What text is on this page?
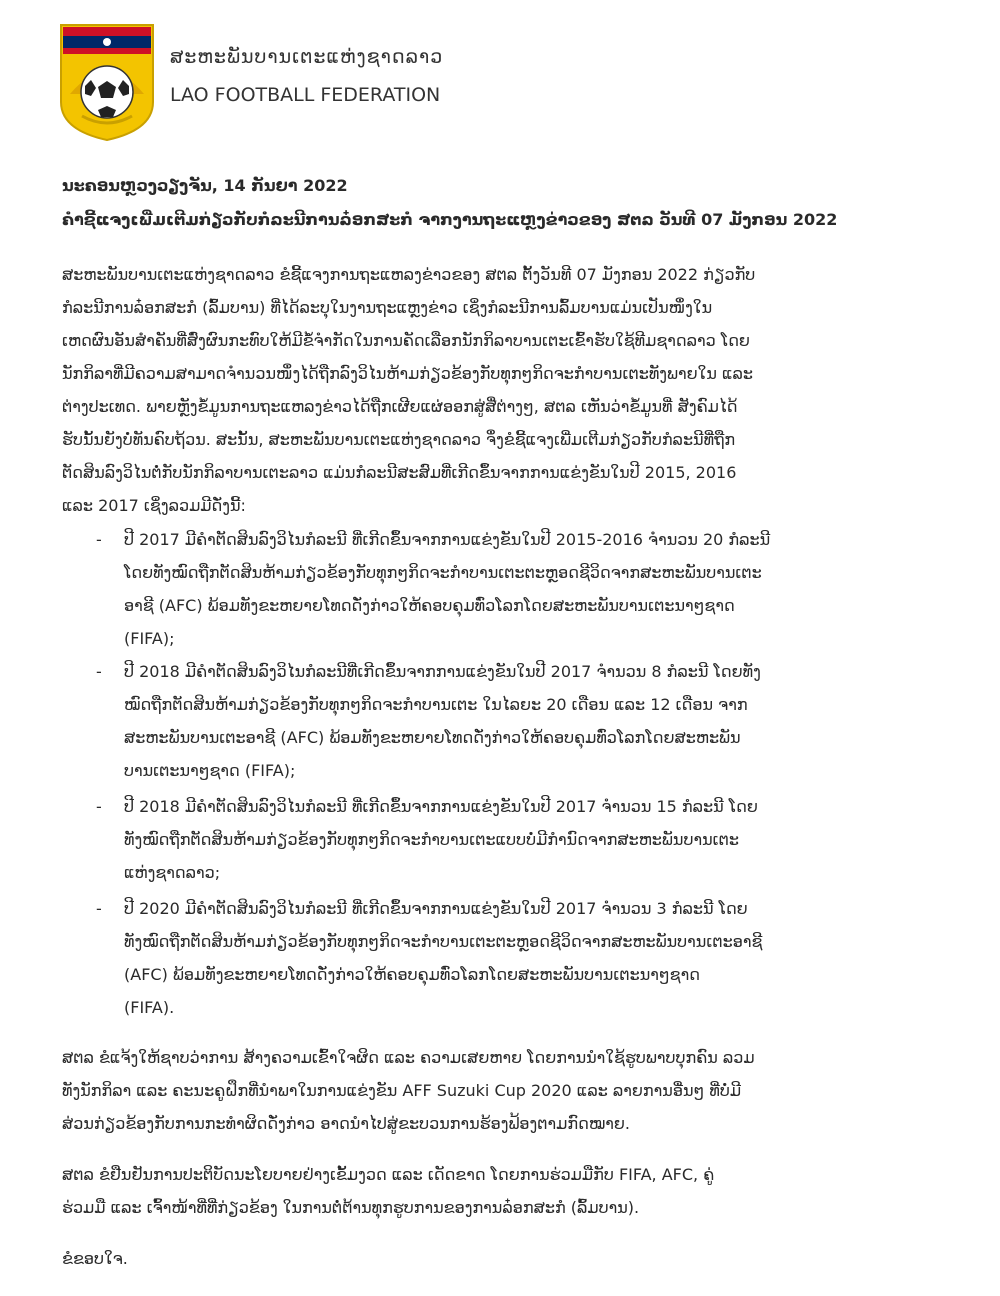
ສະຫະພັນບານເຕະແຫ່ງຊາດລາວ
LAO FOOTBALL FEDERATION
ນະຄອນຫຼວງວຽງຈັນ, 14 ກັນຍາ 2022
ຄຳຊີ້ແຈງເພີ່ມເຕີມກ່ຽວກັບກໍລະນີການລ໋ອກສະກໍ ຈາກງານຖະແຫຼງຂ່າວຂອງ ສຕລ ວັນທີ 07 ມັງກອນ 2022
ສະຫະພັນບານເຕະແຫ່ງຊາດລາວ ຂໍຊີ້ແຈງການຖະແຫລງຂ່າວຂອງ ສຕລ ຕັ້ງວັນທີ 07 ມັງກອນ 2022 ກ່ຽວກັບ
ກໍລະນີການລ໋ອກສະກໍ (ລົ້ມບານ) ທີ່ໄດ້ລະບຸໃນງານຖະແຫຼງຂ່າວ ເຊິ່ງກໍລະນີການລົ້ມບານແມ່ນເປັນໜຶ່ງໃນ
ເຫດຜົນອັນສຳຄັນທີ່ສົ່ງຜົນກະທົບໃຫ້ມີຂໍ້ຈຳກັດໃນການຄັດເລືອກນັກກິລາບານເຕະເຂົ້າຮັບໃຊ້ທີມຊາດລາວ ໂດຍ
ນັກກິລາທີ່ມີຄວາມສາມາດຈຳນວນໜຶ່ງໄດ້ຖືກລົງວິໄນຫ້າມກ່ຽວຂ້ອງກັບທຸກໆກິດຈະກຳບານເຕະທັງພາຍໃນ ແລະ
ຕ່າງປະເທດ. ພາຍຫຼັງຂໍ້ມູນການຖະແຫລງຂ່າວໄດ້ຖືກເຜີຍແຜ່ອອກສູ່ສື່ຕ່າງໆ, ສຕລ ເຫັນວ່າຂໍ້ມູນທີ່ ສັງຄົມໄດ້
ຮັບນັ້ນຍັງບໍ່ທັນຄົບຖ້ວນ. ສະນັ້ນ, ສະຫະພັນບານເຕະແຫ່ງຊາດລາວ ຈຶ່ງຂໍຊີ້ແຈງເພີ່ມເຕີມກ່ຽວກັບກໍລະນີທີ່ຖືກ
ຕັດສິນລົງວິໄນຕໍ່ກັບນັກກິລາບານເຕະລາວ ແມ່ນກໍລະນີສະສົມທີ່ເກີດຂຶ້ນຈາກການແຂ່ງຂັນໃນປີ 2015, 2016
ແລະ 2017 ເຊິ່ງລວມມີດັ່ງນີ້:
- ປີ 2017 ມີຄຳຕັດສິນລົງວິໄນກໍລະນີ ທີ່ເກີດຂຶ້ນຈາກການແຂ່ງຂັນໃນປີ 2015-2016 ຈຳນວນ 20 ກໍລະນີ
ໂດຍທັງໝົດຖືກຕັດສິນຫ້າມກ່ຽວຂ້ອງກັບທຸກໆກິດຈະກຳບານເຕະຕະຫຼອດຊີວິດຈາກສະຫະພັນບານເຕະ
ອາຊີ (AFC) ພ້ອມທັງຂະຫຍາຍໂທດດັ່ງກ່າວໃຫ້ຄອບຄຸມທົ່ວໂລກໂດຍສະຫະພັນບານເຕະນາໆຊາດ
(FIFA);
- ປີ 2018 ມີຄຳຕັດສິນລົງວິໄນກໍລະນີທີ່ເກີດຂຶ້ນຈາກການແຂ່ງຂັນໃນປີ 2017 ຈຳນວນ 8 ກໍລະນີ ໂດຍທັງ
ໝົດຖືກຕັດສິນຫ້າມກ່ຽວຂ້ອງກັບທຸກໆກິດຈະກຳບານເຕະ ໃນໄລຍະ 20 ເດືອນ ແລະ 12 ເດືອນ ຈາກ
ສະຫະພັນບານເຕະອາຊີ (AFC) ພ້ອມທັງຂະຫຍາຍໂທດດັ່ງກ່າວໃຫ້ຄອບຄຸມທົ່ວໂລກໂດຍສະຫະພັນ
ບານເຕະນາໆຊາດ (FIFA);
- ປີ 2018 ມີຄຳຕັດສິນລົງວິໄນກໍລະນີ ທີ່ເກີດຂຶ້ນຈາກການແຂ່ງຂັນໃນປີ 2017 ຈຳນວນ 15 ກໍລະນີ ໂດຍ
ທັງໝົດຖືກຕັດສິນຫ້າມກ່ຽວຂ້ອງກັບທຸກໆກິດຈະກຳບານເຕະແບບບໍ່ມີກຳນົດຈາກສະຫະພັນບານເຕະ
ແຫ່ງຊາດລາວ;
- ປີ 2020 ມີຄຳຕັດສິນລົງວິໄນກໍລະນີ ທີ່ເກີດຂຶ້ນຈາກການແຂ່ງຂັນໃນປີ 2017 ຈຳນວນ 3 ກໍລະນີ ໂດຍ
ທັງໝົດຖືກຕັດສິນຫ້າມກ່ຽວຂ້ອງກັບທຸກໆກິດຈະກຳບານເຕະຕະຫຼອດຊີວິດຈາກສະຫະພັນບານເຕະອາຊີ
(AFC) ພ້ອມທັງຂະຫຍາຍໂທດດັ່ງກ່າວໃຫ້ຄອບຄຸມທົ່ວໂລກໂດຍສະຫະພັນບານເຕະນາໆຊາດ
(FIFA).
ສຕລ ຂໍແຈ້ງໃຫ້ຊາບວ່າການ ສ້າງຄວາມເຂົ້າໃຈຜິດ ແລະ ຄວາມເສຍຫາຍ ໂດຍການນຳໃຊ້ຮູບພາບບຸກຄົນ ລວມ
ທັງນັກກິລາ ແລະ ຄະນະຄູຝຶກທີ່ນຳພາໃນການແຂ່ງຂັນ AFF Suzuki Cup 2020 ແລະ ລາຍການອື່ນໆ ທີ່ບໍ່ມີ
ສ່ວນກ່ຽວຂ້ອງກັບການກະທຳຜິດດັ່ງກ່າວ ອາດນຳໄປສູ່ຂະບວນການຮ້ອງຟ້ອງຕາມກົດໝາຍ.
ສຕລ ຂໍຢືນຢັນການປະຕິບັດນະໂຍບາຍຢ່າງເຂັ້ມງວດ ແລະ ເດັດຂາດ ໂດຍການຮ່ວມມືກັບ FIFA, AFC, ຄູ່
ຮ່ວມມື ແລະ ເຈົ້າໜ້າທີ່ທີ່ກ່ຽວຂ້ອງ ໃນການຕໍ່ຕ້ານທຸກຮູບການຂອງການລ໋ອກສະກໍ (ລົ້ມບານ).
ຂໍຂອບໃຈ.
